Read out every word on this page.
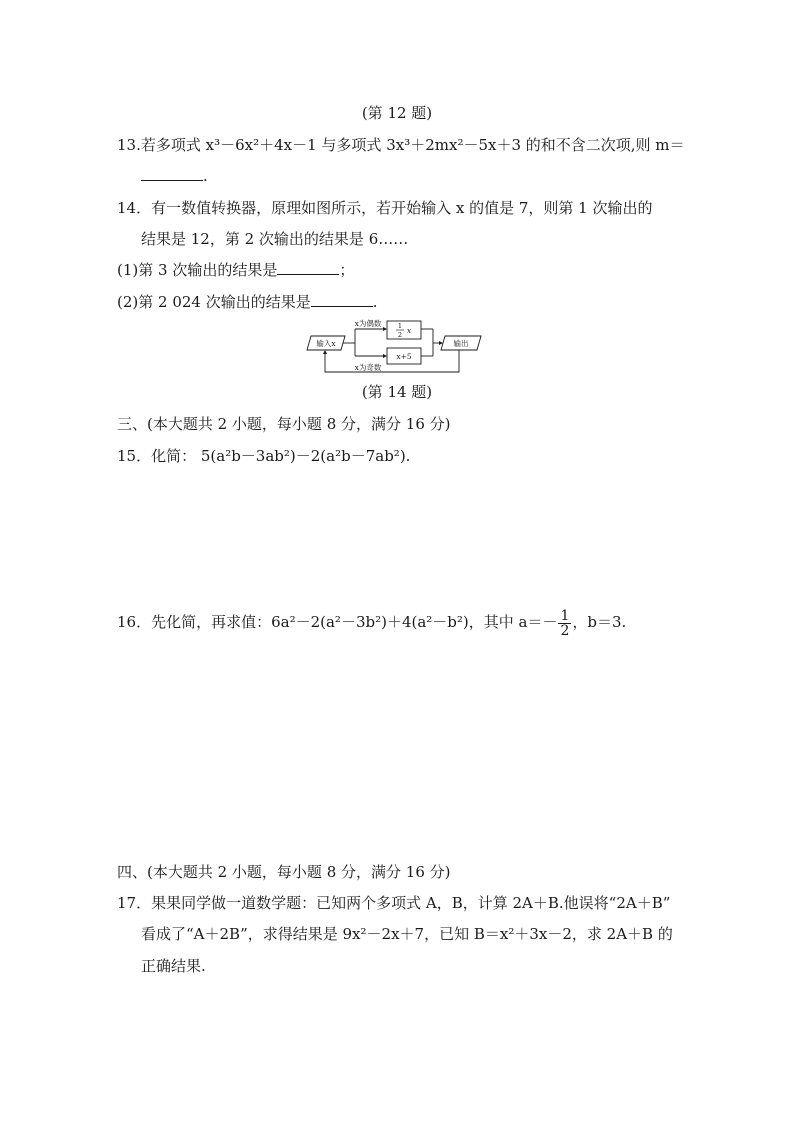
(第 12 题)
13.若多项式 x³－6x²＋4x－1 与多项式 3x³＋2mx²－5x＋3 的和不含二次项,则 m＝
.
14．有一数值转换器，原理如图所示，若开始输入 x 的值是 7，则第 1 次输出的
结果是 12，第 2 次输出的结果是 6……
(1)第 3 次输出的结果是	；
(2)第 2 024 次输出的结果是	.
输入x
x为偶数
x为奇数
1
2 x
x+5
输出
(第 14 题)
三、(本大题共 2 小题，每小题 8 分，满分 16 分)
15．化简： 5(a²b－3ab²)－2(a²b－7ab²).
16．先化简，再求值：6a²－2(a²－3b²)＋4(a²－b²)，其中 $a=- \frac{1}{2}$ ，b＝3.
四、(本大题共 2 小题，每小题 8 分，满分 16 分)
17．果果同学做一道数学题：已知两个多项式 A，B，计算 2A＋B.他误将“2A＋B”
看成了“A＋2B”，求得结果是 9x²－2x＋7，已知 B＝x²＋3x－2，求 2A＋B 的
正确结果.
